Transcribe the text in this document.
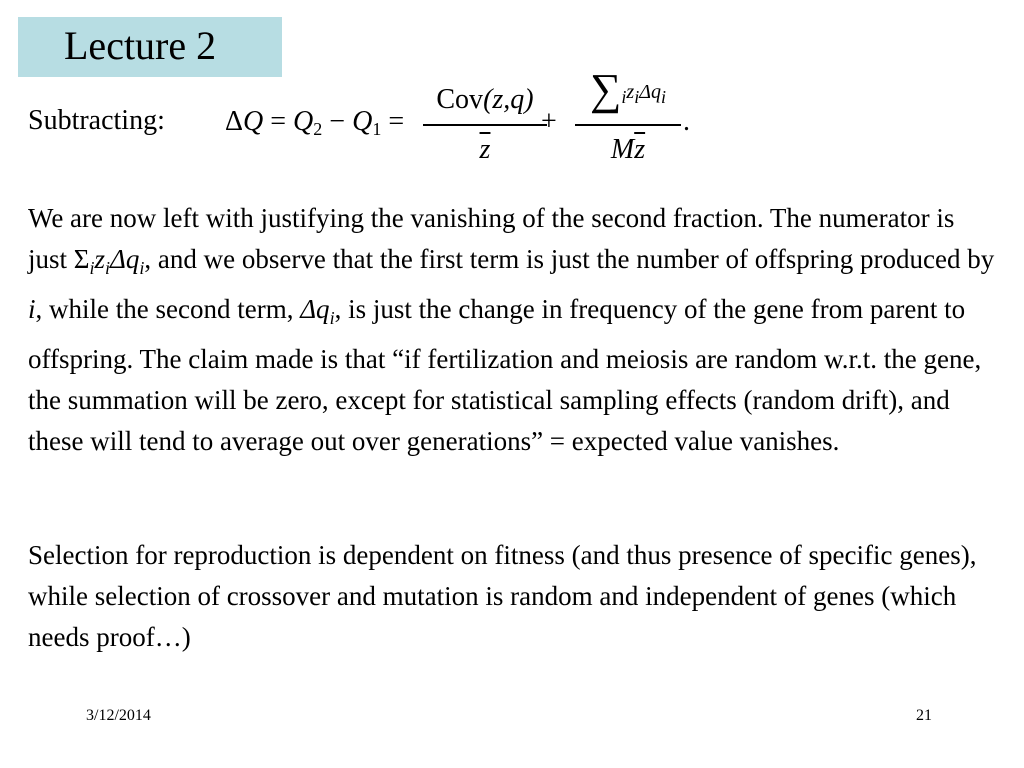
Lecture 2
Subtracting: $\Delta Q = Q_2 - Q_1$ =
Cov(z,q)
$\overline{z}$
+
$\sum_iz_i\Delta q_i$
$M\overline{z}$
.
We are now left with justifying the vanishing of the second fraction. The numerator is just $\Sigma_iz_i\Delta q_i$, and we observe that the first term is just the number of offspring produced by i, while the second term, $\Delta q_i$, is just the change in frequency of the gene from parent to offspring. The claim made is that “if fertilization and meiosis are random w.r.t. the gene, the summation will be zero, except for statistical sampling effects (random drift), and these will tend to average out over generations” = expected value vanishes.
Selection for reproduction is dependent on fitness (and thus presence of specific genes), while selection of crossover and mutation is random and independent of genes (which needs proof…)
3/12/2014	21
